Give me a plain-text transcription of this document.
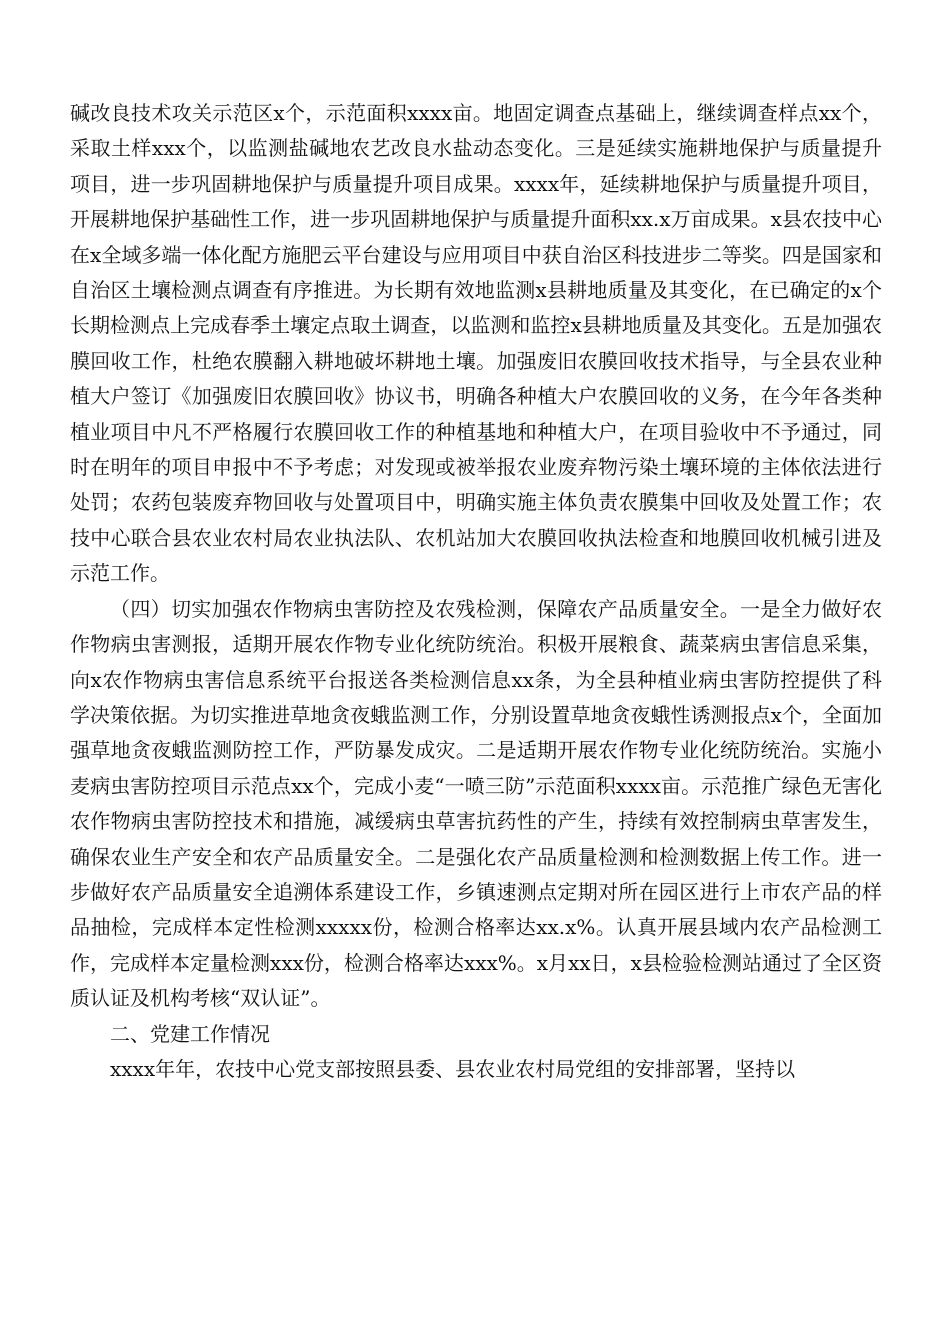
碱改良技术攻关示范区x个，示范面积xxxx亩。地固定调查点基础上，继续调查样点xx个，采取土样xxx个，以监测盐碱地农艺改良水盐动态变化。三是延续实施耕地保护与质量提升项目，进一步巩固耕地保护与质量提升项目成果。xxxx年，延续耕地保护与质量提升项目，开展耕地保护基础性工作，进一步巩固耕地保护与质量提升面积xx.x万亩成果。x县农技中心在x全域多端一体化配方施肥云平台建设与应用项目中获自治区科技进步二等奖。四是国家和自治区土壤检测点调查有序推进。为长期有效地监测x县耕地质量及其变化，在已确定的x个长期检测点上完成春季土壤定点取土调查，以监测和监控x县耕地质量及其变化。五是加强农膜回收工作，杜绝农膜翻入耕地破坏耕地土壤。加强废旧农膜回收技术指导，与全县农业种植大户签订《加强废旧农膜回收》协议书，明确各种植大户农膜回收的义务，在今年各类种植业项目中凡不严格履行农膜回收工作的种植基地和种植大户，在项目验收中不予通过，同时在明年的项目申报中不予考虑；对发现或被举报农业废弃物污染土壤环境的主体依法进行处罚；农药包装废弃物回收与处置项目中，明确实施主体负责农膜集中回收及处置工作；农技中心联合县农业农村局农业执法队、农机站加大农膜回收执法检查和地膜回收机械引进及示范工作。

（四）切实加强农作物病虫害防控及农残检测，保障农产品质量安全。一是全力做好农作物病虫害测报，适期开展农作物专业化统防统治。积极开展粮食、蔬菜病虫害信息采集，向x农作物病虫害信息系统平台报送各类检测信息xx条，为全县种植业病虫害防控提供了科学决策依据。为切实推进草地贪夜蛾监测工作，分别设置草地贪夜蛾性诱测报点x个，全面加强草地贪夜蛾监测防控工作，严防暴发成灾。二是适期开展农作物专业化统防统治。实施小麦病虫害防控项目示范点xx个，完成小麦“一喷三防”示范面积xxxx亩。示范推广绿色无害化农作物病虫害防控技术和措施，减缓病虫草害抗药性的产生，持续有效控制病虫草害发生，确保农业生产安全和农产品质量安全。二是强化农产品质量检测和检测数据上传工作。进一步做好农产品质量安全追溯体系建设工作，乡镇速测点定期对所在园区进行上市农产品的样品抽检，完成样本定性检测xxxxx份，检测合格率达xx.x%。认真开展县域内农产品检测工作，完成样本定量检测xxx份，检测合格率达xxx%。x月xx日，x县检验检测站通过了全区资质认证及机构考核“双认证”。

二、党建工作情况

xxxx年年，农技中心党支部按照县委、县农业农村局党组的安排部署，坚持以
